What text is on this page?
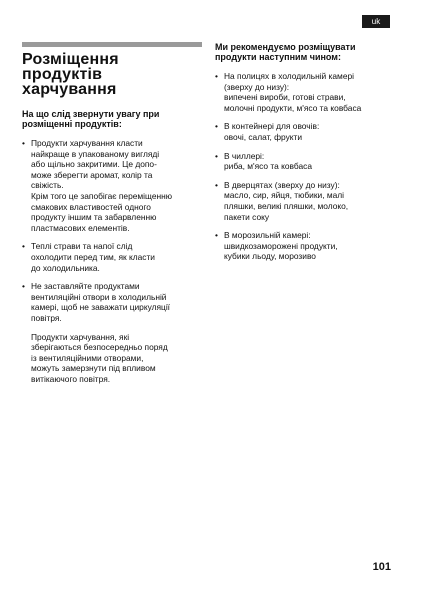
uk
Розміщення
продуктів
харчування
На що слід звернути увагу при
розміщенні продуктів:
• Продукти харчування класти
найкраще в упакованому вигляді
або щільно закритими. Це допо-
може зберегти аромат, колір та
свіжість.
Крім того це запобігає переміщенню
смакових властивостей одного
продукту іншим та забарвленню
пластмасових елементів.
• Теплі страви та напої слід
охолодити перед тим, як класти
до холодильника.
• Не заставляйте продуктами
вентиляційні отвори в холодильній
камері, щоб не заважати циркуляції
повітря.
Продукти харчування, які
зберігаються безпосередньо поряд
із вентиляційними отворами,
можуть замерзнути під впливом
витікаючого повітря.
Ми рекомендуємо розміщувати
продукти наступним чином:
• На полицях в холодильній камері
(зверху до низу):
випечені вироби, готові страви,
молочні продукти, м'ясо та ковбаса
• В контейнері для овочів:
овочі, салат, фрукти
• В чиллері:
риба, м'ясо та ковбаса
• В дверцятах (зверху до низу):
масло, сир, яйця, тюбики, малі
пляшки, великі пляшки, молоко,
пакети соку
• В морозильній камері:
швидкозаморожені продукти,
кубики льоду, морозиво
101
